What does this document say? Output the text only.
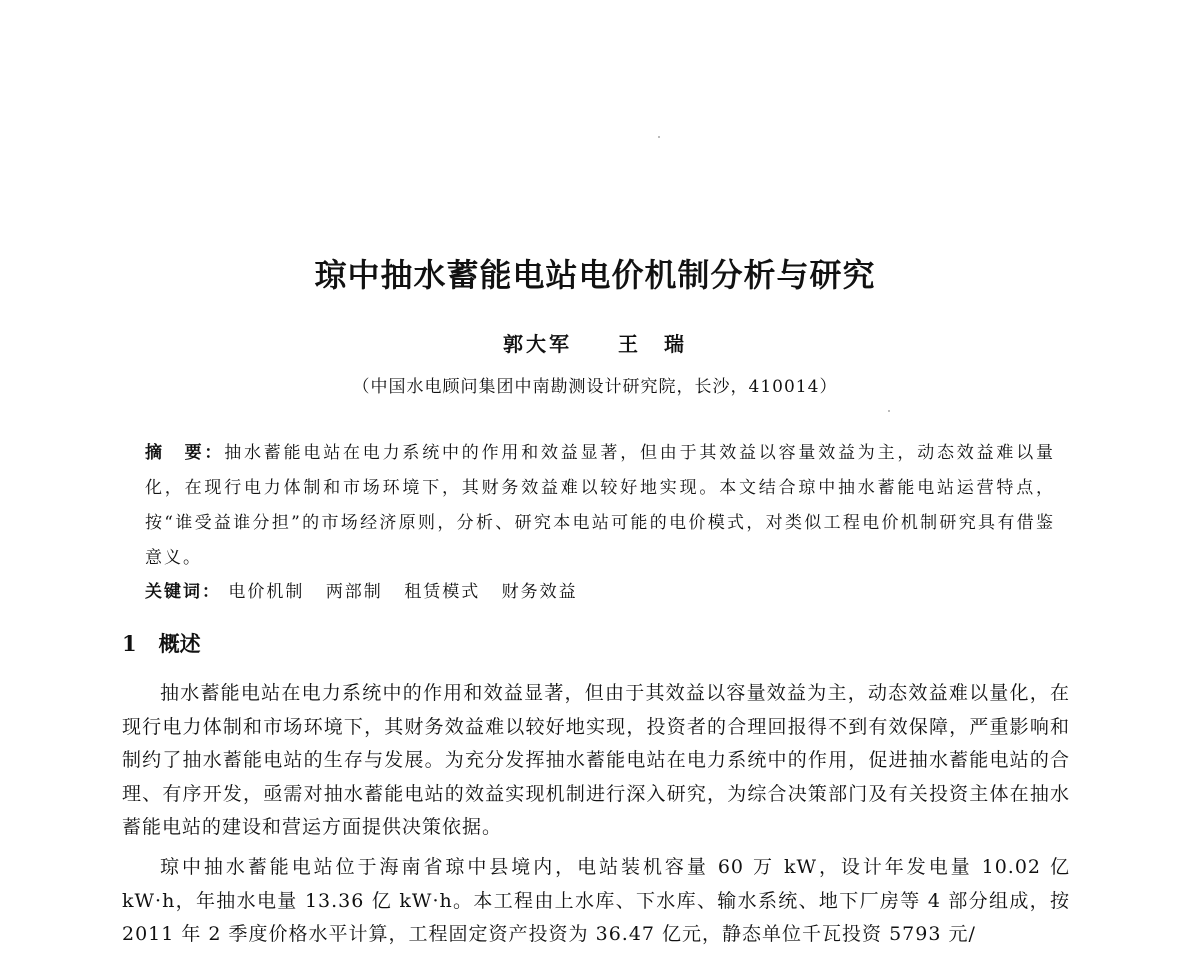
琼中抽水蓄能电站电价机制分析与研究
郭大军 王　瑞
（中国水电顾问集团中南勘测设计研究院，长沙，410014）

摘　要：抽水蓄能电站在电力系统中的作用和效益显著，但由于其效益以容量效益为主，动态效益难以量化，在现行电力体制和市场环境下，其财务效益难以较好地实现。本文结合琼中抽水蓄能电站运营特点，按“谁受益谁分担”的市场经济原则，分析、研究本电站可能的电价模式，对类似工程电价机制研究具有借鉴意义。

关键词： 电价机制 两部制 租赁模式 财务效益

1 概述

抽水蓄能电站在电力系统中的作用和效益显著，但由于其效益以容量效益为主，动态效益难以量化，在现行电力体制和市场环境下，其财务效益难以较好地实现，投资者的合理回报得不到有效保障，严重影响和制约了抽水蓄能电站的生存与发展。为充分发挥抽水蓄能电站在电力系统中的作用，促进抽水蓄能电站的合理、有序开发，亟需对抽水蓄能电站的效益实现机制进行深入研究，为综合决策部门及有关投资主体在抽水蓄能电站的建设和营运方面提供决策依据。

琼中抽水蓄能电站位于海南省琼中县境内，电站装机容量 60 万 kW，设计年发电量 10.02 亿 kW·h，年抽水电量 13.36 亿 kW·h。本工程由上水库、下水库、输水系统、地下厂房等 4 部分组成，按 2011 年 2 季度价格水平计算，工程固定资产投资为 36.47 亿元，静态单位千瓦投资 5793 元/
